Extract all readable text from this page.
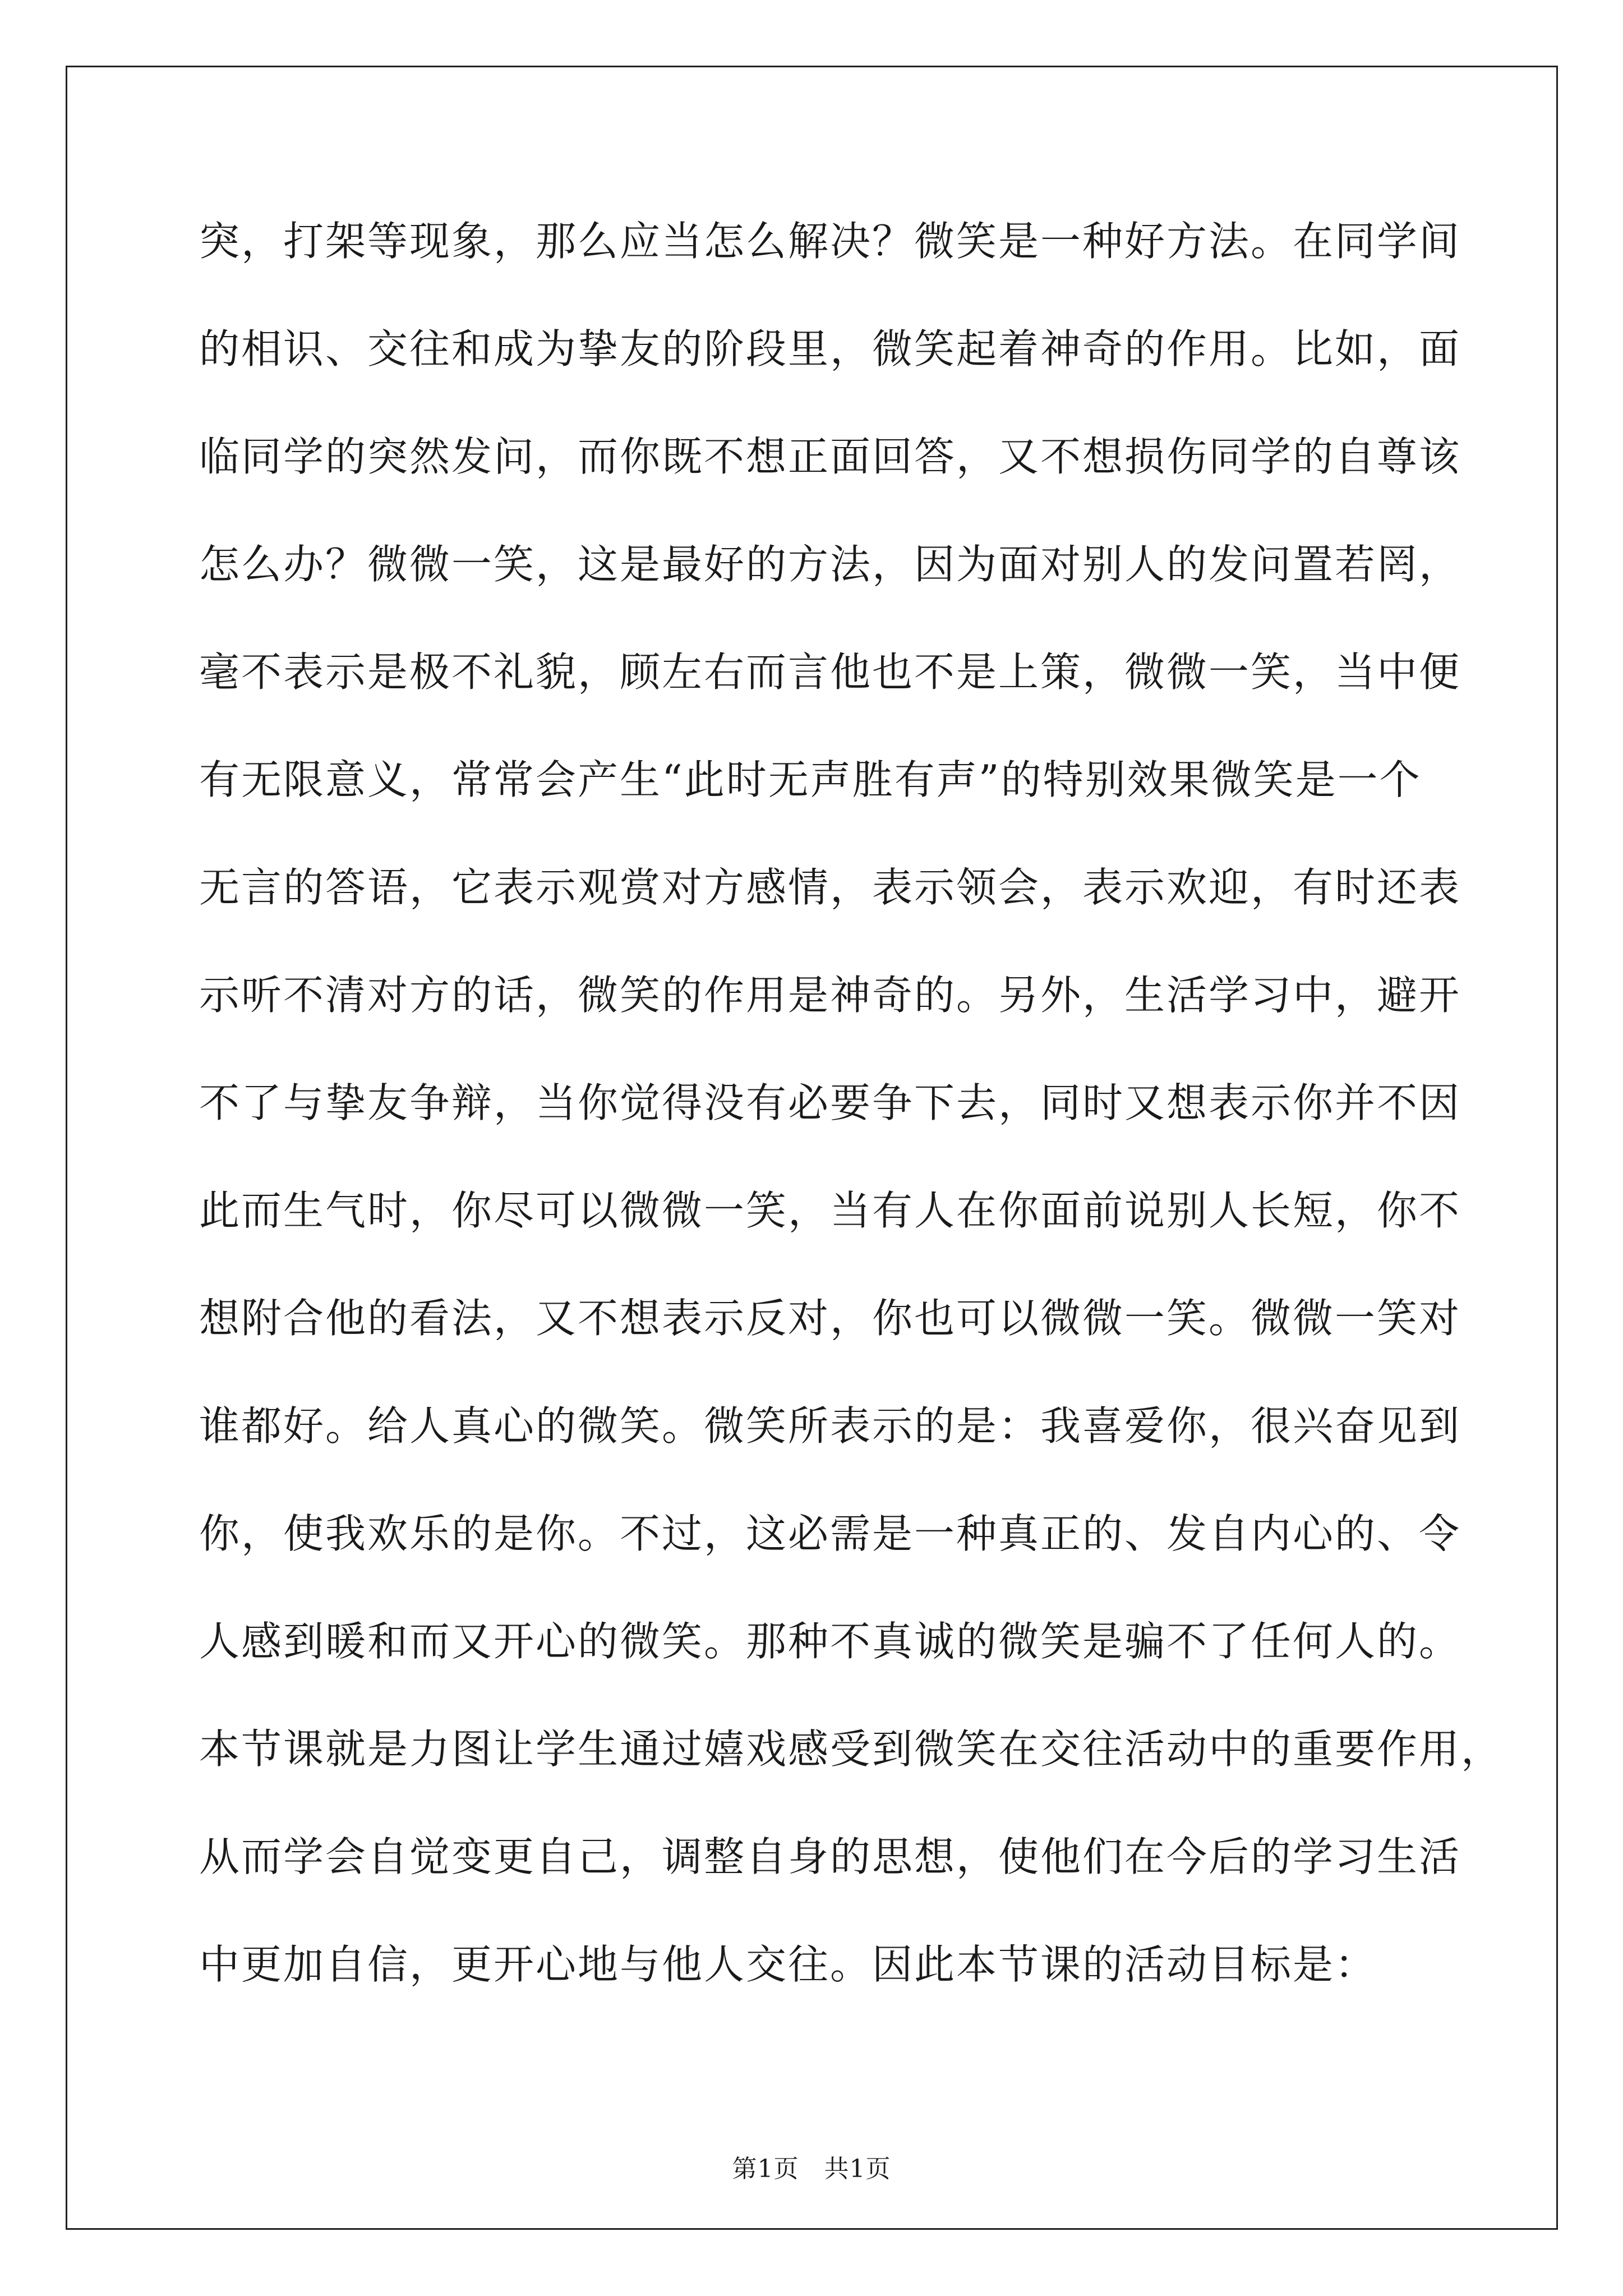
突，打架等现象，那么应当怎么解决？微笑是一种好方法。在同学间
的相识、交往和成为挚友的阶段里，微笑起着神奇的作用。比如，面
临同学的突然发问，而你既不想正面回答，又不想损伤同学的自尊该
怎么办？微微一笑，这是最好的方法，因为面对别人的发问置若罔，
毫不表示是极不礼貌，顾左右而言他也不是上策，微微一笑，当中便
有无限意义，常常会产生“此时无声胜有声”的特别效果微笑是一个
无言的答语，它表示观赏对方感情，表示领会，表示欢迎，有时还表
示听不清对方的话，微笑的作用是神奇的。另外，生活学习中，避开
不了与挚友争辩，当你觉得没有必要争下去，同时又想表示你并不因
此而生气时，你尽可以微微一笑，当有人在你面前说别人长短，你不
想附合他的看法，又不想表示反对，你也可以微微一笑。微微一笑对
谁都好。给人真心的微笑。微笑所表示的是：我喜爱你，很兴奋见到
你，使我欢乐的是你。不过，这必需是一种真正的、发自内心的、令
人感到暖和而又开心的微笑。那种不真诚的微笑是骗不了任何人的。
本节课就是力图让学生通过嬉戏感受到微笑在交往活动中的重要作用，
从而学会自觉变更自己，调整自身的思想，使他们在今后的学习生活
中更加自信，更开心地与他人交往。因此本节课的活动目标是：
第1页　共1页
